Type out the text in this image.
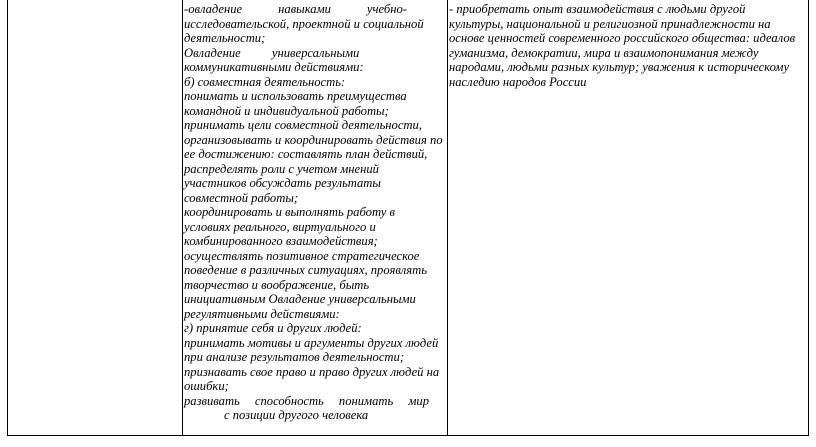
-овладение	навыками	учебно-
исследовательской, проектной и социальной
деятельности;
Овладение универсальными
коммуникативными действиями:
б) совместная деятельность:
понимать и использовать преимущества
командной и индивидуальной работы;
принимать цели совместной деятельности,
организовывать и координировать действия по
ее достижению: составлять план действий,
распределять роли с учетом мнений
участников обсуждать результаты
совместной работы;
координировать и выполнять работу в
условиях реального, виртуального и
комбинированного взаимодействия;
осуществлять позитивное стратегическое
поведение в различных ситуациях, проявлять
творчество и воображение, быть
инициативным Овладение универсальными
регулятивными действиями:
г) принятие себя и других людей:
принимать мотивы и аргументы других людей
при анализе результатов деятельности;
признавать свое право и право других людей на
ошибки;
развивать способность понимать мир
с позиции другого человека
- приобретать опыт взаимодействия с людьми другой
культуры, национальной и религиозной принадлежности на
основе ценностей современного российского общества: идеалов
гуманизма, демократии, мира и взаимопонимания между
народами, людьми разных культур; уважения к историческому
наследию народов России
